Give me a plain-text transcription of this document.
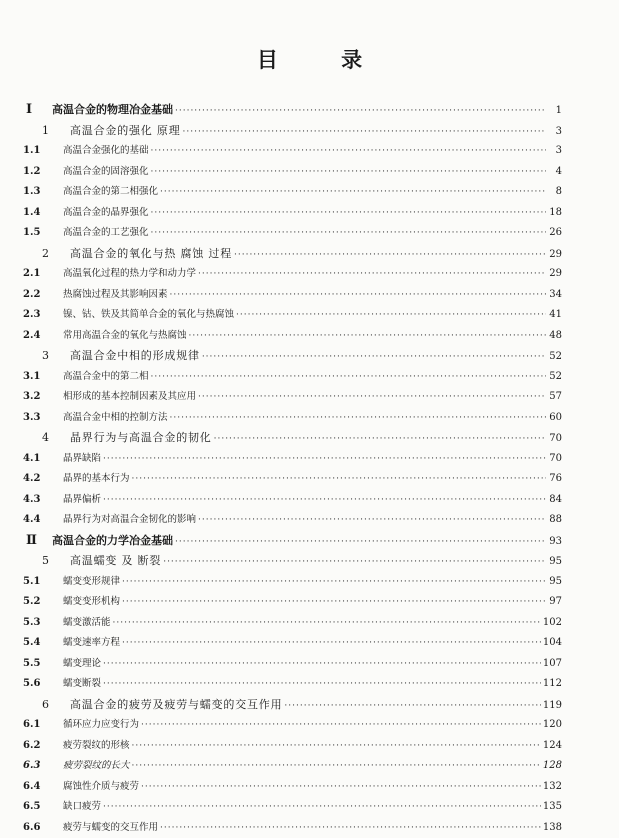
目 录
I	高温合金的物理冶金基础 ·····	1
1	高温合金的强化 原理 ·····	3
1.1	高温合金强化的基础 ·····	3
1.2	高温合金的固溶强化 ·····	4
1.3	高温合金的第二相强化 ·····	8
1.4	高温合金的晶界强化 ·····	18
1.5	高温合金的工艺强化 ·····	26
2	高温合金的氧化与热 腐蚀 过程 ·····	29
2.1	高温氧化过程的热力学和动力学 ·····	29
2.2	热腐蚀过程及其影响因素 ·····	34
2.3	镍、钴、铁及其简单合金的氧化与热腐蚀 ·····	41
2.4	常用高温合金的氧化与热腐蚀 ·····	48
3	高温合金中相的形成规律 ·····	52
3.1	高温合金中的第二相 ·····	52
3.2	相形成的基本控制因素及其应用 ·····	57
3.3	高温合金中相的控制方法 ·····	60
4	晶界行为与高温合金的韧化 ·····	70
4.1	晶界缺陷 ·····	70
4.2	晶界的基本行为 ·····	76
4.3	晶界偏析 ·····	84
4.4	晶界行为对高温合金韧化的影响 ·····	88
Ⅱ	高温合金的力学冶金基础 ·····	93
5	高温蠕变 及 断裂 ·····	95
5.1	蠕变变形规律 ·····	95
5.2	蠕变变形机构 ·····	97
5.3	蠕变激活能 ·····	102
5.4	蠕变速率方程 ·····	104
5.5	蠕变理论 ·····	107
5.6	蠕变断裂 ·····	112
6	高温合金的疲劳及疲劳与蠕变的交互作用 ·····	119
6.1	循环应力应变行为 ·····	120
6.2	疲劳裂纹的形核 ·····	124
6.3	疲劳裂纹的长大 ·····	128
6.4	腐蚀性介质与疲劳 ·····	132
6.5	缺口疲劳 ·····	135
6.6	疲劳与蠕变的交互作用 ·····	138
